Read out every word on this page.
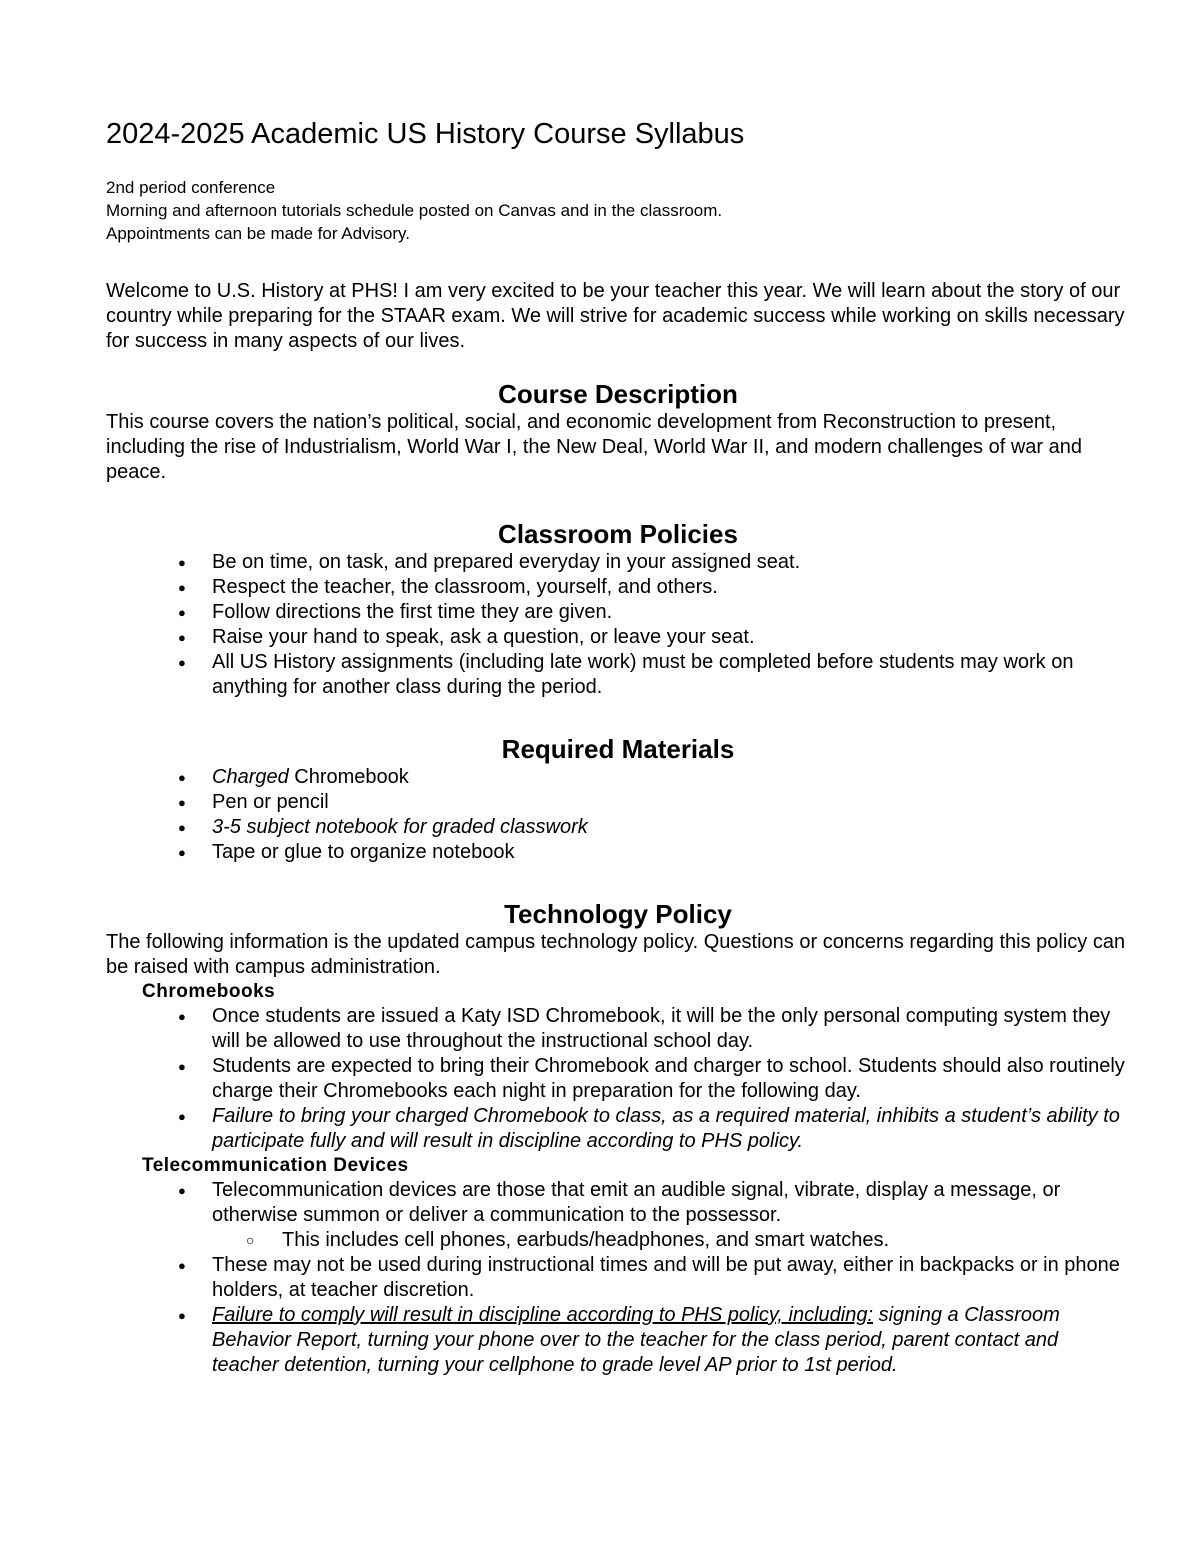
2024-2025 Academic US History Course Syllabus
2nd period conference
Morning and afternoon tutorials schedule posted on Canvas and in the classroom.
Appointments can be made for Advisory.
Welcome to U.S. History at PHS! I am very excited to be your teacher this year. We will learn about the story of our country while preparing for the STAAR exam. We will strive for academic success while working on skills necessary for success in many aspects of our lives.
Course Description
This course covers the nation’s political, social, and economic development from Reconstruction to present, including the rise of Industrialism, World War I, the New Deal, World War II, and modern challenges of war and peace.
Classroom Policies
● Be on time, on task, and prepared everyday in your assigned seat.
● Respect the teacher, the classroom, yourself, and others.
● Follow directions the first time they are given.
● Raise your hand to speak, ask a question, or leave your seat.
● All US History assignments (including late work) must be completed before students may work on anything for another class during the period.
Required Materials
● Charged Chromebook
● Pen or pencil
● 3-5 subject notebook for graded classwork
● Tape or glue to organize notebook
Technology Policy
The following information is the updated campus technology policy. Questions or concerns regarding this policy can be raised with campus administration.
Chromebooks
● Once students are issued a Katy ISD Chromebook, it will be the only personal computing system they will be allowed to use throughout the instructional school day.
● Students are expected to bring their Chromebook and charger to school. Students should also routinely charge their Chromebooks each night in preparation for the following day.
● Failure to bring your charged Chromebook to class, as a required material, inhibits a student’s ability to participate fully and will result in discipline according to PHS policy.
Telecommunication Devices
● Telecommunication devices are those that emit an audible signal, vibrate, display a message, or otherwise summon or deliver a communication to the possessor.
○ This includes cell phones, earbuds/headphones, and smart watches.
● These may not be used during instructional times and will be put away, either in backpacks or in phone holders, at teacher discretion.
● Failure to comply will result in discipline according to PHS policy, including: signing a Classroom Behavior Report, turning your phone over to the teacher for the class period, parent contact and teacher detention, turning your cellphone to grade level AP prior to 1st period.
